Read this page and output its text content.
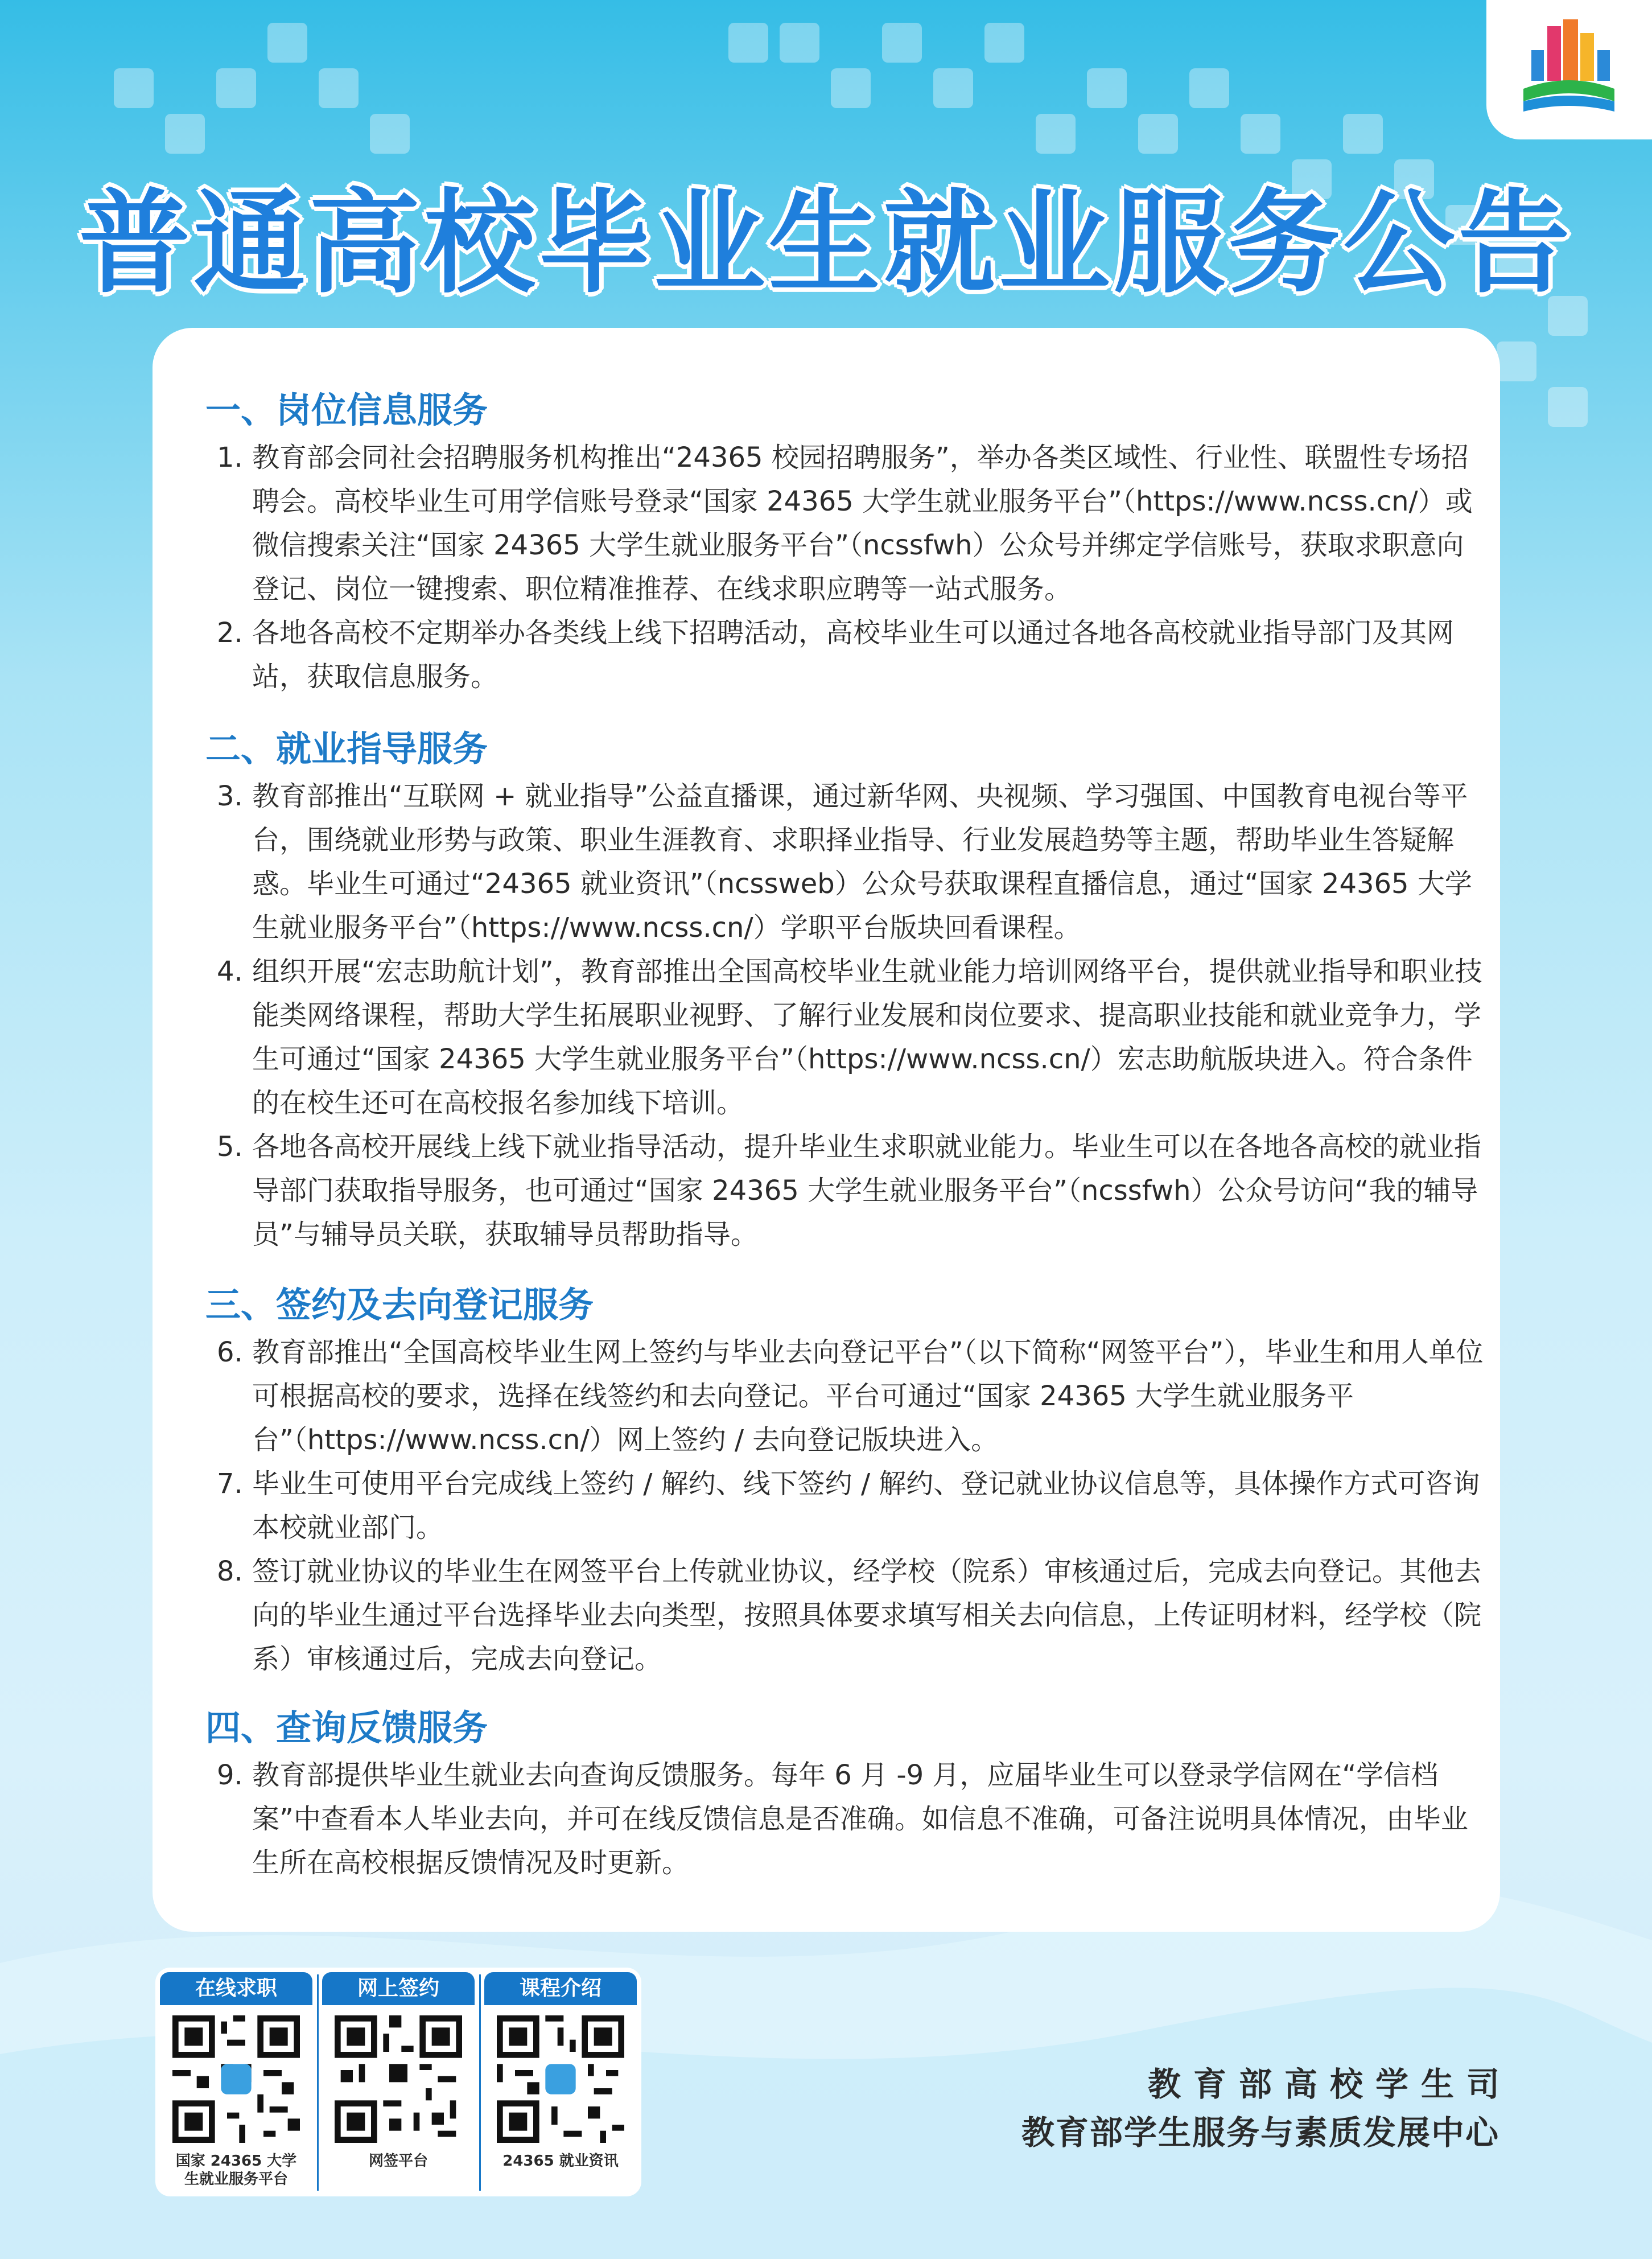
普通高校毕业生就业服务公告
一、岗位信息服务
1. 教育部会同社会招聘服务机构推出“24365 校园招聘服务”，举办各类区域性、行业性、联盟性专场招聘会。高校毕业生可用学信账号登录“国家 24365 大学生就业服务平台”（https://www.ncss.cn/）或微信搜索关注“国家 24365 大学生就业服务平台”（ncssfwh）公众号并绑定学信账号，获取求职意向登记、岗位一键搜索、职位精准推荐、在线求职应聘等一站式服务。
2. 各地各高校不定期举办各类线上线下招聘活动，高校毕业生可以通过各地各高校就业指导部门及其网站，获取信息服务。
二、就业指导服务
3. 教育部推出“互联网 + 就业指导”公益直播课，通过新华网、央视频、学习强国、中国教育电视台等平台，围绕就业形势与政策、职业生涯教育、求职择业指导、行业发展趋势等主题，帮助毕业生答疑解惑。毕业生可通过“24365 就业资讯”（ncssweb）公众号获取课程直播信息，通过“国家 24365 大学生就业服务平台”（https://www.ncss.cn/）学职平台版块回看课程。
4. 组织开展“宏志助航计划”，教育部推出全国高校毕业生就业能力培训网络平台，提供就业指导和职业技能类网络课程，帮助大学生拓展职业视野、了解行业发展和岗位要求、提高职业技能和就业竞争力，学生可通过“国家 24365 大学生就业服务平台”（https://www.ncss.cn/）宏志助航版块进入。符合条件的在校生还可在高校报名参加线下培训。
5. 各地各高校开展线上线下就业指导活动，提升毕业生求职就业能力。毕业生可以在各地各高校的就业指导部门获取指导服务，也可通过“国家 24365 大学生就业服务平台”（ncssfwh）公众号访问“我的辅导员”与辅导员关联，获取辅导员帮助指导。
三、签约及去向登记服务
6. 教育部推出“全国高校毕业生网上签约与毕业去向登记平台”（以下简称“网签平台”），毕业生和用人单位可根据高校的要求，选择在线签约和去向登记。平台可通过“国家 24365 大学生就业服务平台”（https://www.ncss.cn/）网上签约 / 去向登记版块进入。
7. 毕业生可使用平台完成线上签约 / 解约、线下签约 / 解约、登记就业协议信息等，具体操作方式可咨询本校就业部门。
8. 签订就业协议的毕业生在网签平台上传就业协议，经学校（院系）审核通过后，完成去向登记。其他去向的毕业生通过平台选择毕业去向类型，按照具体要求填写相关去向信息，上传证明材料，经学校（院系）审核通过后，完成去向登记。
四、查询反馈服务
9. 教育部提供毕业生就业去向查询反馈服务。每年 6 月 -9 月，应届毕业生可以登录学信网在“学信档案”中查看本人毕业去向，并可在线反馈信息是否准确。如信息不准确，可备注说明具体情况，由毕业生所在高校根据反馈情况及时更新。
在线求职
国家 24365 大学
生就业服务平台
网上签约
网签平台
课程介绍
24365 就业资讯
教育部高校学生司
教育部学生服务与素质发展中心
